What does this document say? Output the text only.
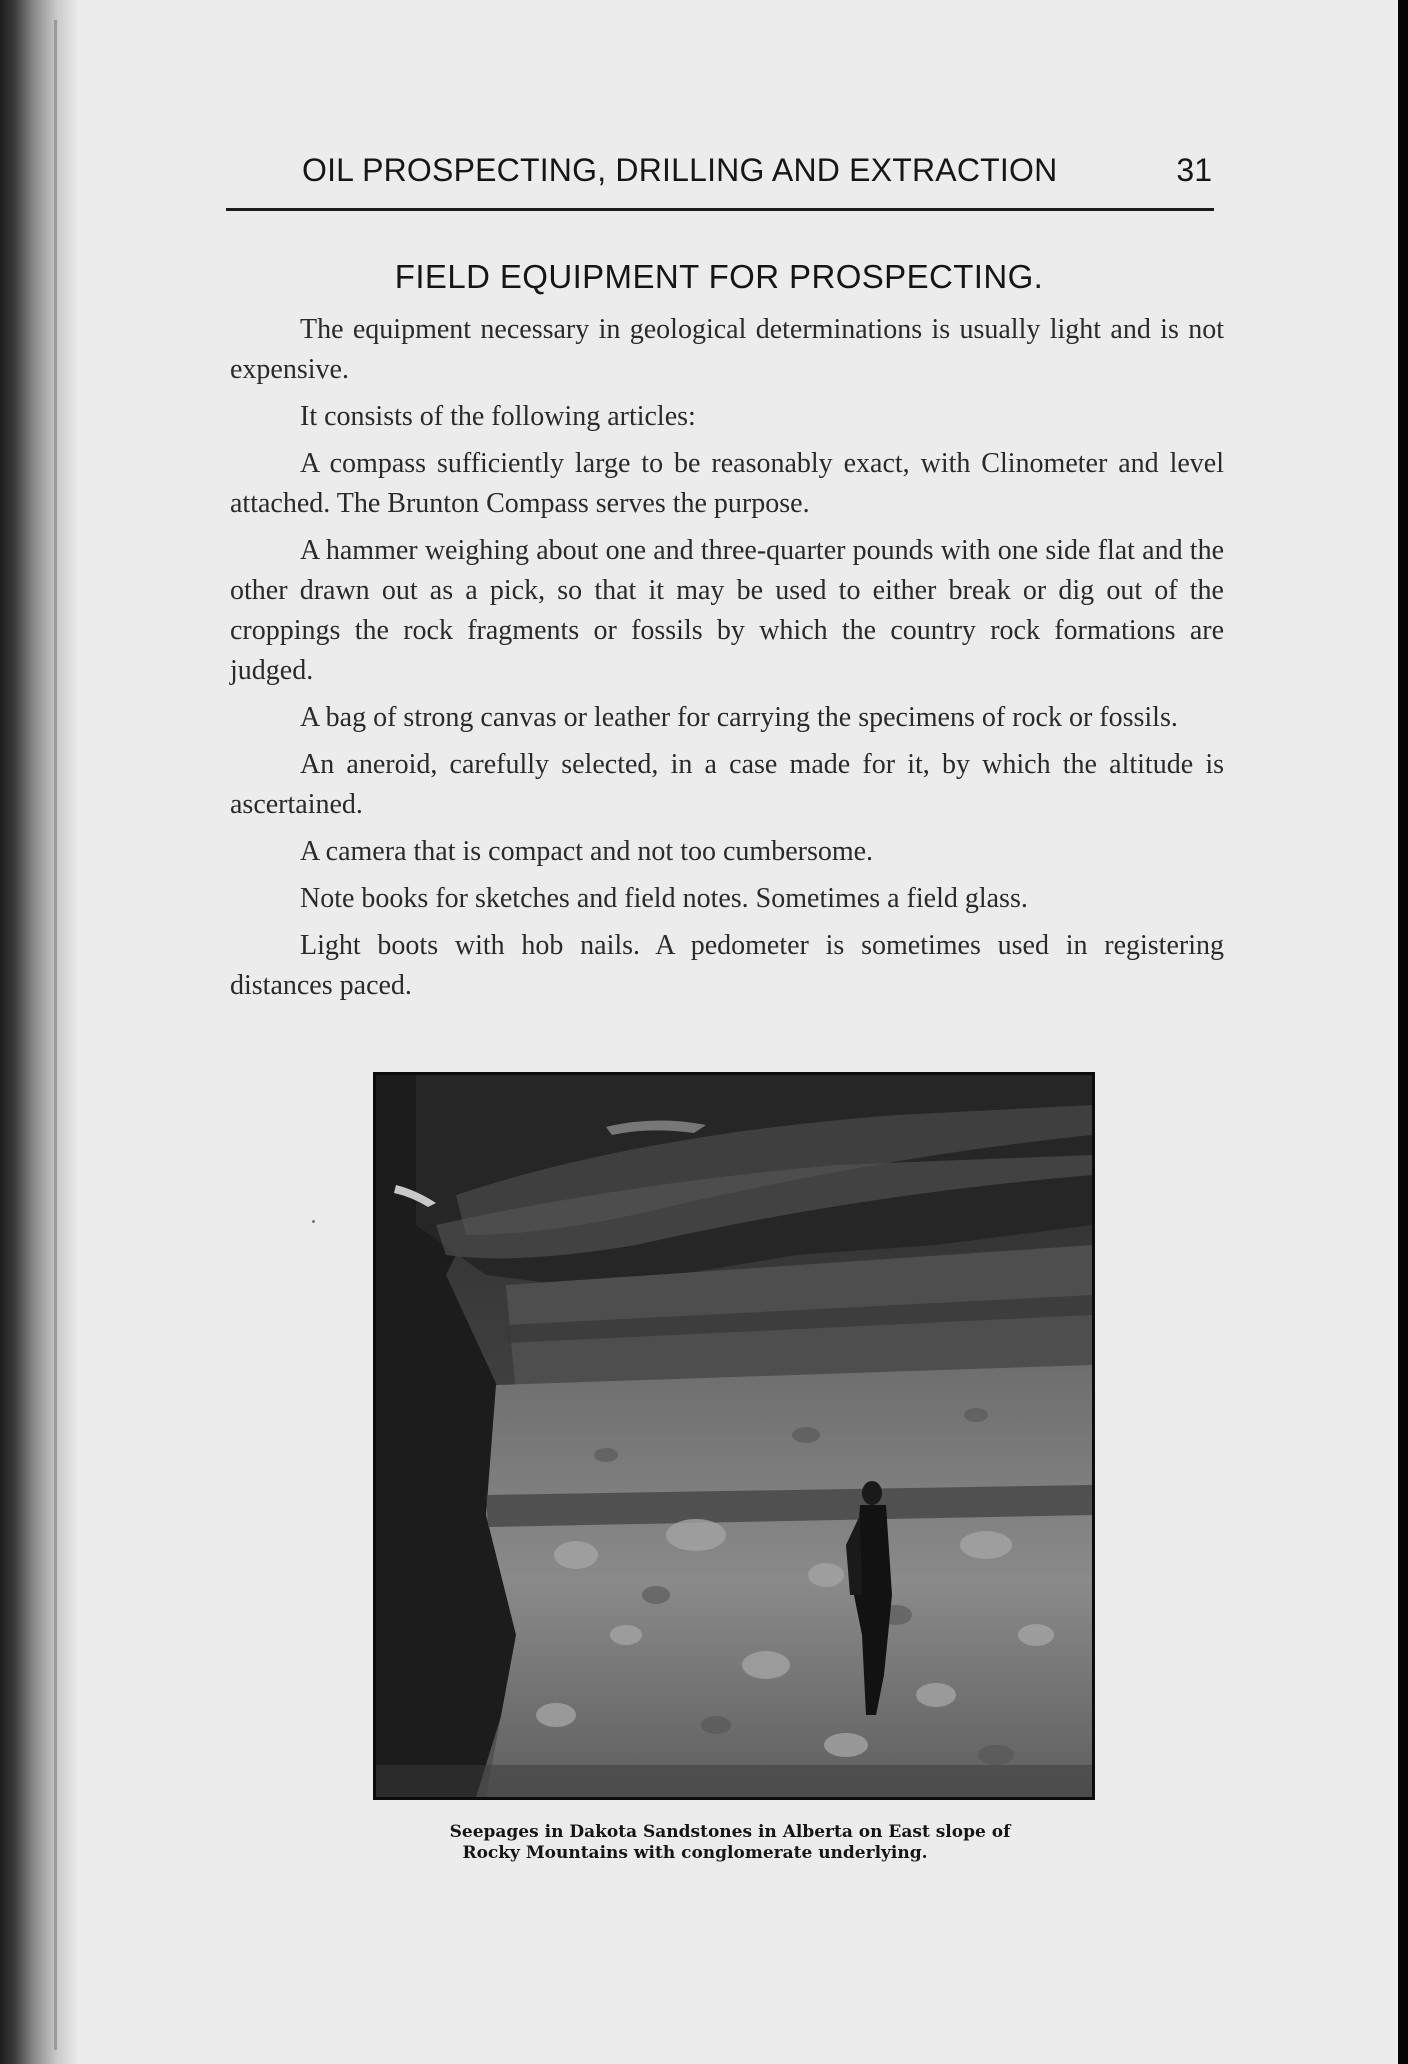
OIL PROSPECTING, DRILLING AND EXTRACTION	31
FIELD EQUIPMENT FOR PROSPECTING.

The equipment necessary in geological determinations is usually light and is not expensive.

It consists of the following articles:

A compass sufficiently large to be reasonably exact, with Clinometer and level attached. The Brunton Compass serves the purpose.

A hammer weighing about one and three-quarter pounds with one side flat and the other drawn out as a pick, so that it may be used to either break or dig out of the croppings the rock fragments or fossils by which the country rock formations are judged.

A bag of strong canvas or leather for carrying the specimens of rock or fossils.

An aneroid, carefully selected, in a case made for it, by which the altitude is ascertained.

A camera that is compact and not too cumbersome.

Note books for sketches and field notes. Sometimes a field glass.

Light boots with hob nails. A pedometer is sometimes used in registering distances paced.

Seepages in Dakota Sandstones in Alberta on East slope of
Rocky Mountains with conglomerate underlying.
